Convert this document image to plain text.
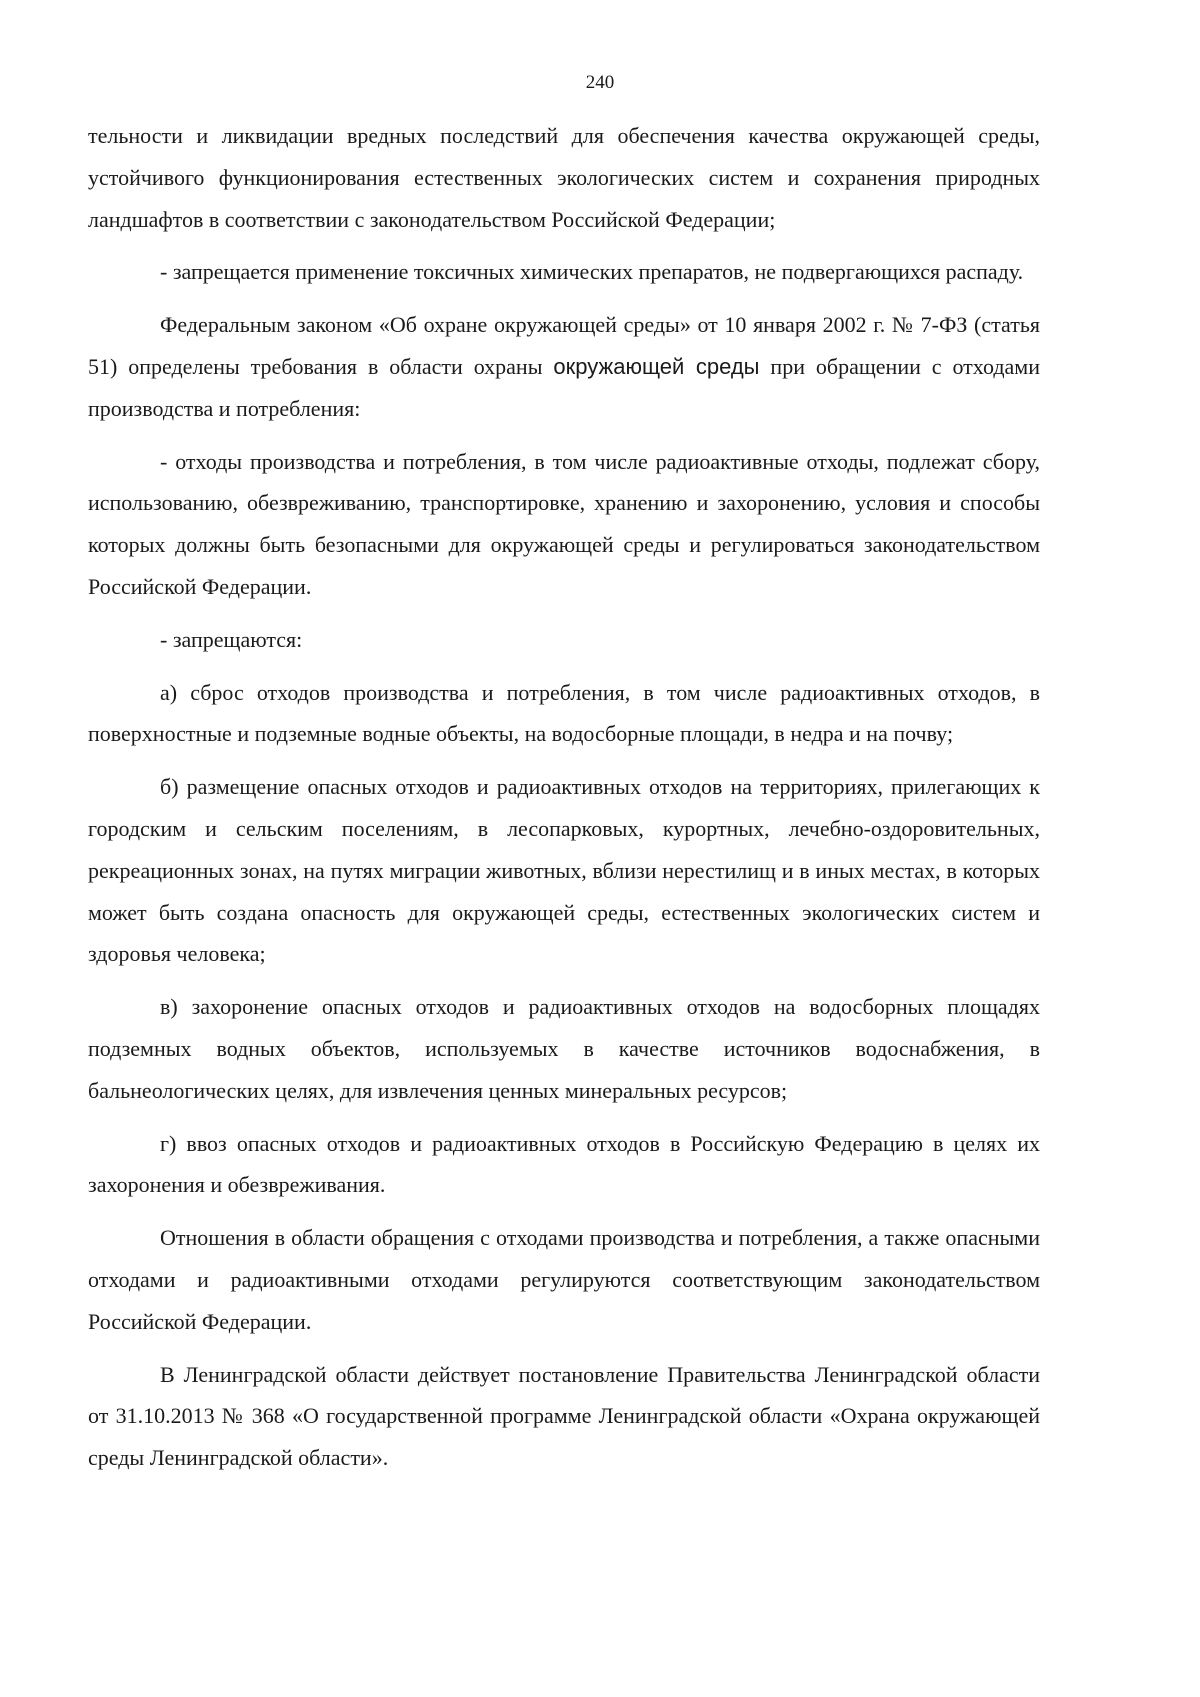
240

тельности и ликвидации вредных последствий для обеспечения качества окружающей среды, устойчивого функционирования естественных экологических систем и сохранения природных ландшафтов в соответствии с законодательством Российской Федерации;

- запрещается применение токсичных химических препаратов, не подвергающихся распаду.

Федеральным законом «Об охране окружающей среды» от 10 января 2002 г. № 7-ФЗ (статья 51) определены требования в области охраны окружающей среды при обращении с отходами производства и потребления:

- отходы производства и потребления, в том числе радиоактивные отходы, подлежат сбору, использованию, обезвреживанию, транспортировке, хранению и захоронению, условия и способы которых должны быть безопасными для окружающей среды и регулироваться законодательством Российской Федерации.

- запрещаются:

а) сброс отходов производства и потребления, в том числе радиоактивных отходов, в поверхностные и подземные водные объекты, на водосборные площади, в недра и на почву;

б) размещение опасных отходов и радиоактивных отходов на территориях, прилегающих к городским и сельским поселениям, в лесопарковых, курортных, лечебно-оздоровительных, рекреационных зонах, на путях миграции животных, вблизи нерестилищ и в иных местах, в которых может быть создана опасность для окружающей среды, естественных экологических систем и здоровья человека;

в) захоронение опасных отходов и радиоактивных отходов на водосборных площадях подземных водных объектов, используемых в качестве источников водоснабжения, в бальнеологических целях, для извлечения ценных минеральных ресурсов;

г) ввоз опасных отходов и радиоактивных отходов в Российскую Федерацию в целях их захоронения и обезвреживания.

Отношения в области обращения с отходами производства и потребления, а также опасными отходами и радиоактивными отходами регулируются соответствующим законодательством Российской Федерации.

В Ленинградской области действует постановление Правительства Ленинградской области от 31.10.2013 № 368 «О государственной программе Ленинградской области «Охрана окружающей среды Ленинградской области».
